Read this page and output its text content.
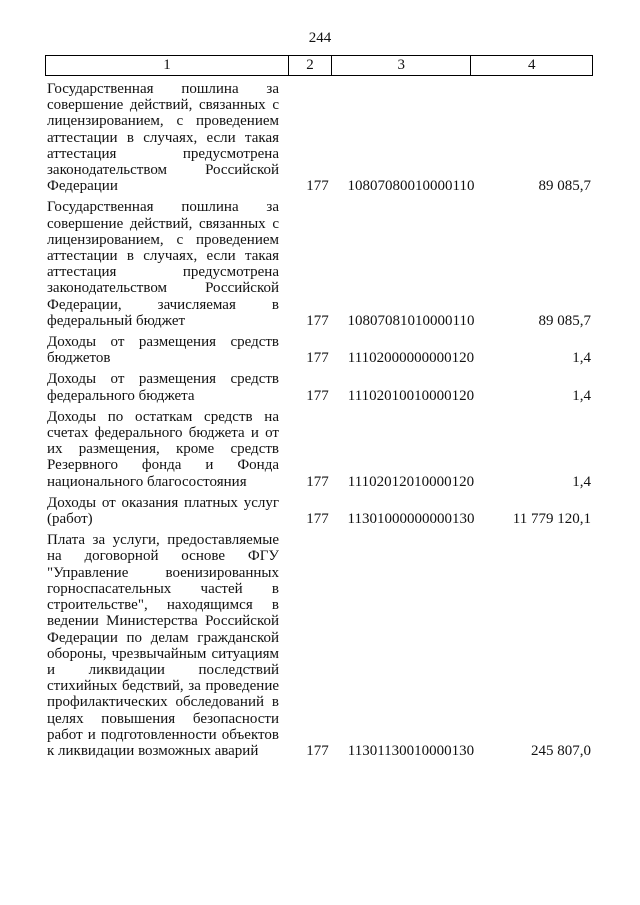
244
1	2	3	4
Государственная пошлина за совершение действий, связанных с лицензированием, с проведением аттестации в случаях, если такая аттестация предусмотрена законодательством Российской Федерации	177	10807080010000110	89 085,7
Государственная пошлина за совершение действий, связанных с лицензированием, с проведением аттестации в случаях, если такая аттестация предусмотрена законодательством Российской Федерации, зачисляемая в федеральный бюджет	177	10807081010000110	89 085,7
Доходы от размещения средств бюджетов	177	11102000000000120	1,4
Доходы от размещения средств федерального бюджета	177	11102010010000120	1,4
Доходы по остаткам средств на счетах федерального бюджета и от их размещения, кроме средств Резервного фонда и Фонда национального благосостояния	177	11102012010000120	1,4
Доходы от оказания платных услуг (работ)	177	11301000000000130	11 779 120,1
Плата за услуги, предоставляемые на договорной основе ФГУ "Управление военизированных горноспасательных частей в строительстве", находящимся в ведении Министерства Российской Федерации по делам гражданской обороны, чрезвычайным ситуациям и ликвидации последствий стихийных бедствий, за проведение профилактических обследований в целях повышения безопасности работ и подготовленности объектов к ликвидации возможных аварий	177	11301130010000130	245 807,0
